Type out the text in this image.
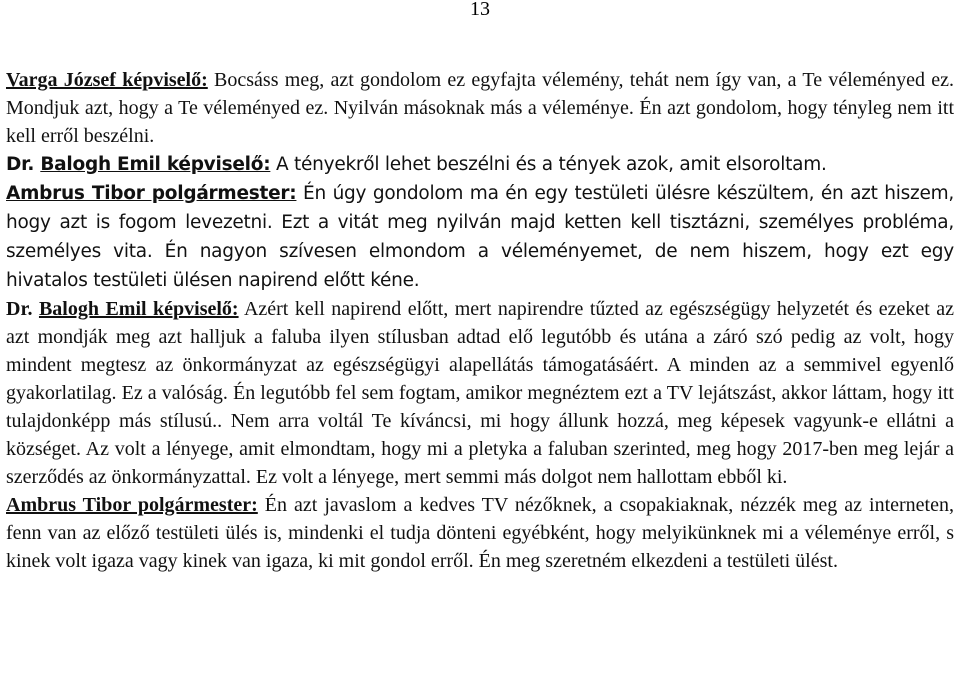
13

Varga József képviselő: Bocsáss meg, azt gondolom ez egyfajta vélemény, tehát nem így van, a Te véleményed ez. Mondjuk azt, hogy a Te véleményed ez. Nyilván másoknak más a véleménye. Én azt gondolom, hogy tényleg nem itt kell erről beszélni.

Dr. Balogh Emil képviselő: A tényekről lehet beszélni és a tények azok, amit elsoroltam.

Ambrus Tibor polgármester: Én úgy gondolom ma én egy testületi ülésre készültem, én azt hiszem, hogy azt is fogom levezetni. Ezt a vitát meg nyilván majd ketten kell tisztázni, személyes probléma, személyes vita. Én nagyon szívesen elmondom a véleményemet, de nem hiszem, hogy ezt egy hivatalos testületi ülésen napirend előtt kéne.

Dr. Balogh Emil képviselő: Azért kell napirend előtt, mert napirendre tűzted az egészségügy helyzetét és ezeket az azt mondják meg azt halljuk a faluba ilyen stílusban adtad elő legutóbb és utána a záró szó pedig az volt, hogy mindent megtesz az önkormányzat az egészségügyi alapellátás támogatásáért. A minden az a semmivel egyenlő gyakorlatilag. Ez a valóság. Én legutóbb fel sem fogtam, amikor megnéztem ezt a TV lejátszást, akkor láttam, hogy itt tulajdonképp más stílusú.. Nem arra voltál Te kíváncsi, mi hogy állunk hozzá, meg képesek vagyunk-e ellátni a községet. Az volt a lényege, amit elmondtam, hogy mi a pletyka a faluban szerinted, meg hogy 2017-ben meg lejár a szerződés az önkormányzattal. Ez volt a lényege, mert semmi más dolgot nem hallottam ebből ki.

Ambrus Tibor polgármester: Én azt javaslom a kedves TV nézőknek, a csopakiaknak, nézzék meg az interneten, fenn van az előző testületi ülés is, mindenki el tudja dönteni egyébként, hogy melyikünknek mi a véleménye erről, s kinek volt igaza vagy kinek van igaza, ki mit gondol erről. Én meg szeretném elkezdeni a testületi ülést.
